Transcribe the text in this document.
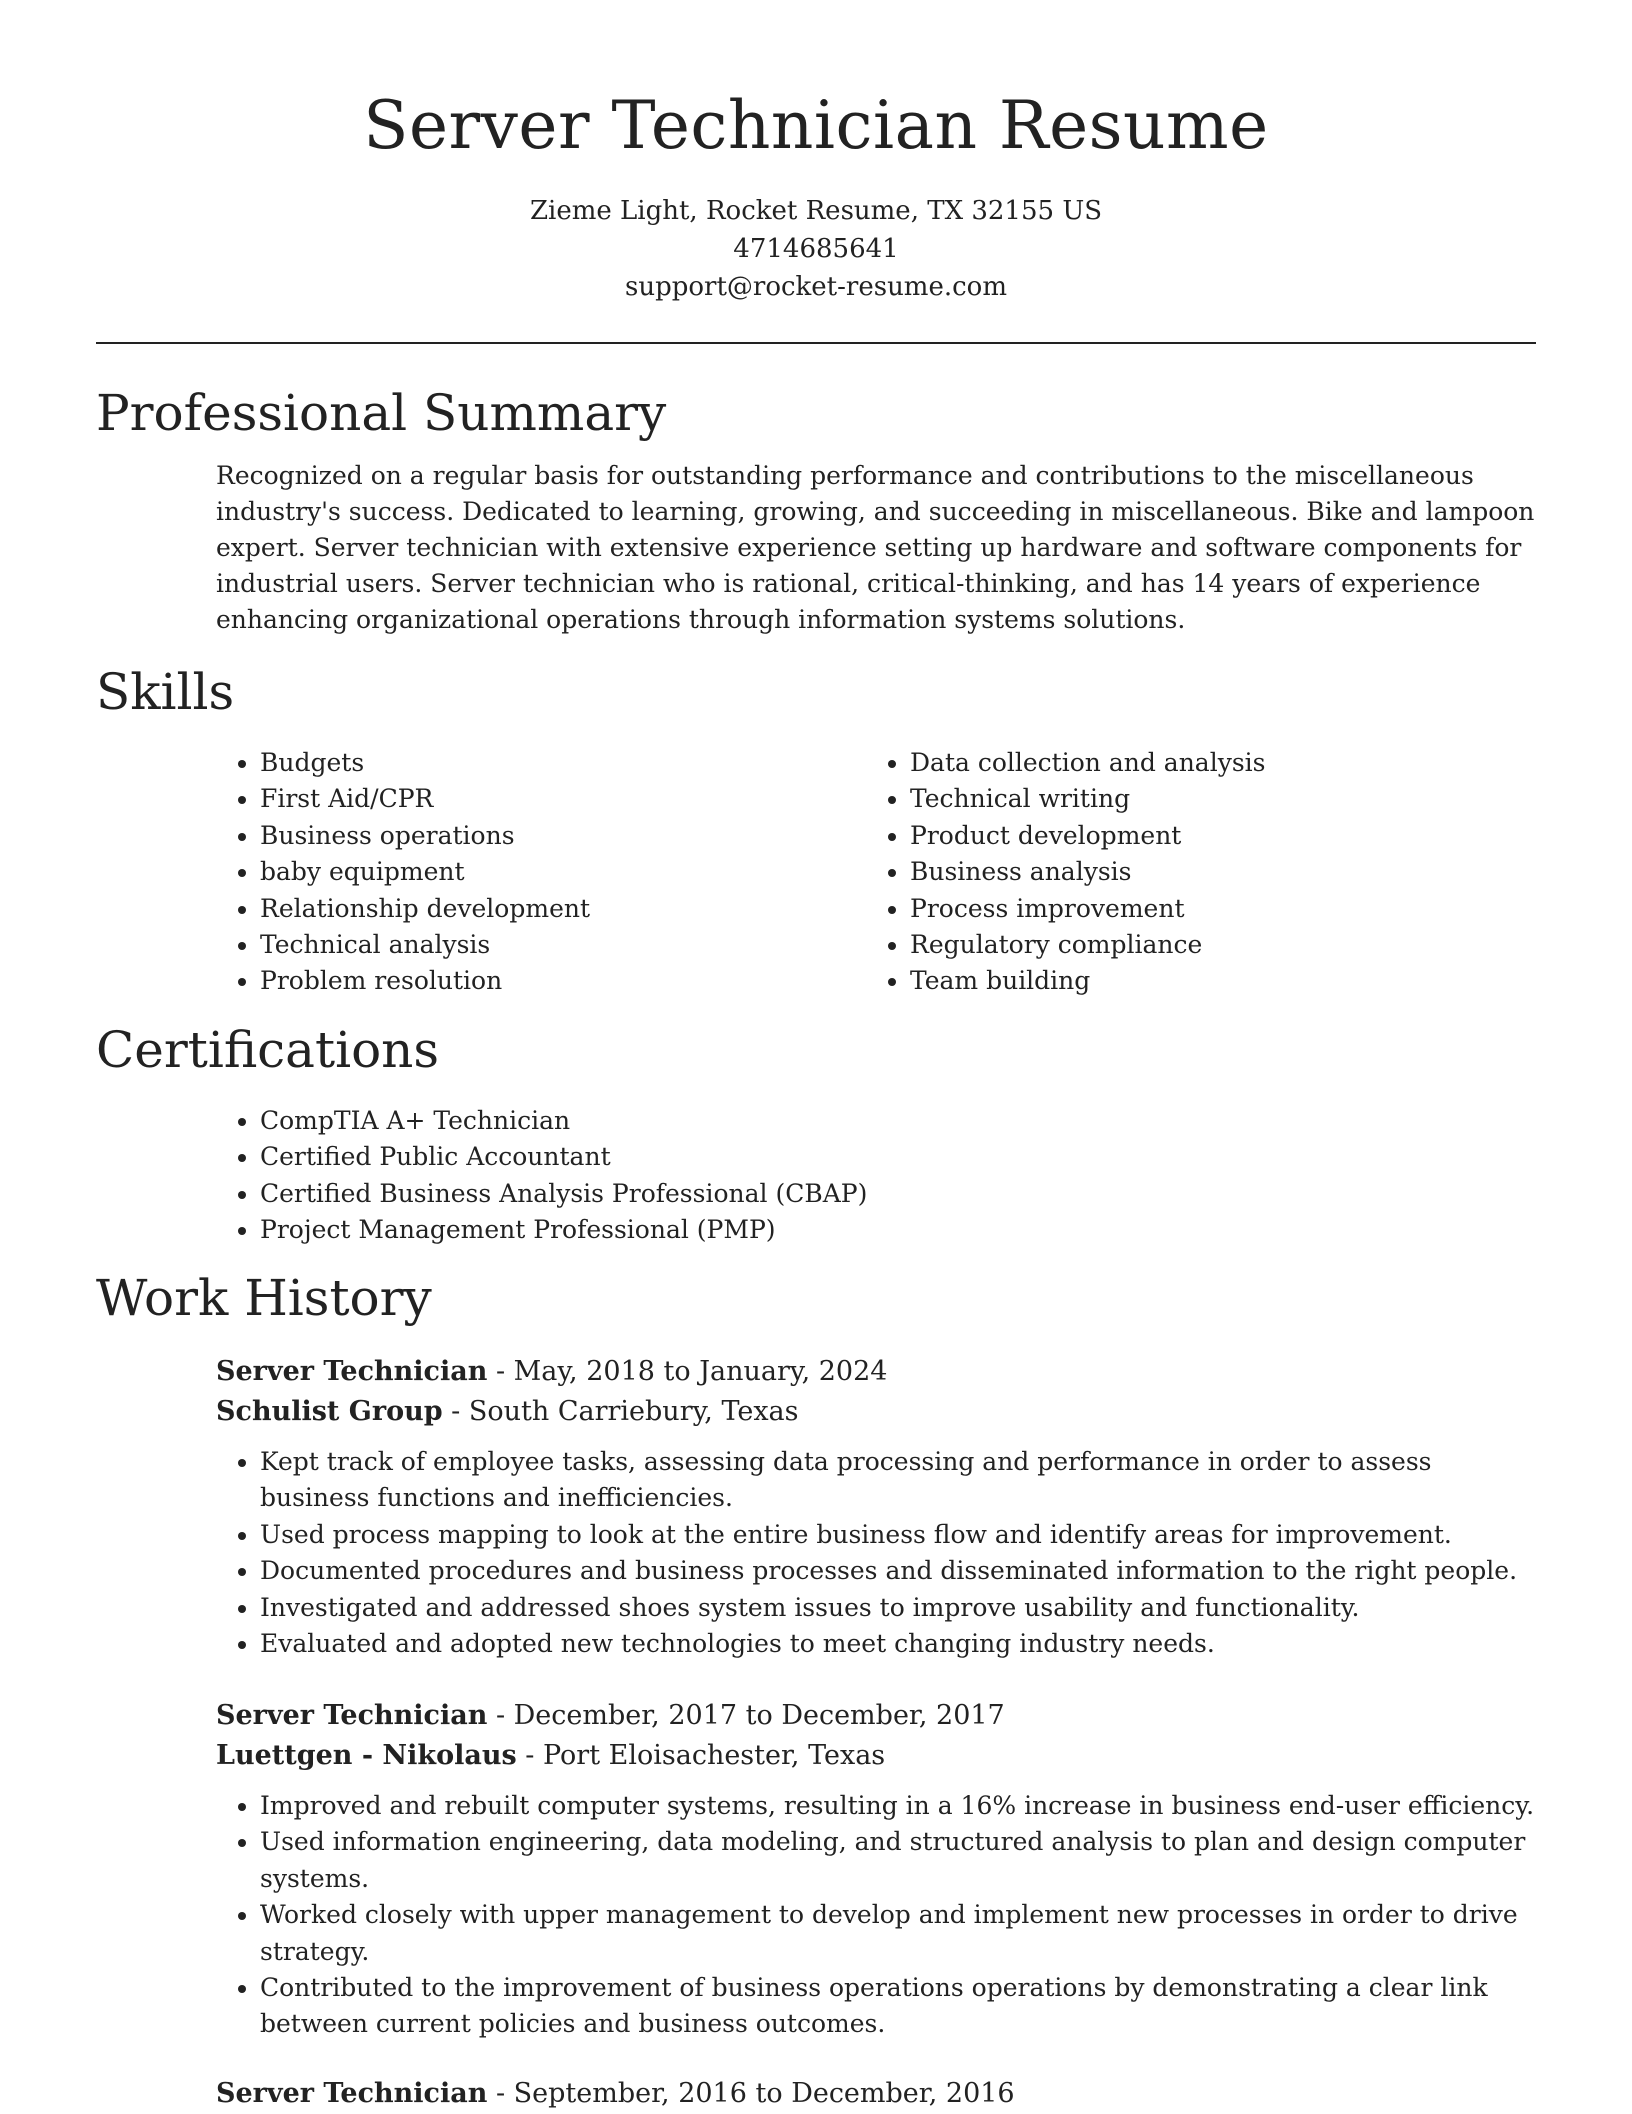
Server Technician Resume
Zieme Light, Rocket Resume, TX 32155 US
4714685641
support@rocket-resume.com
Professional Summary

Recognized on a regular basis for outstanding performance and contributions to the miscellaneous industry's success. Dedicated to learning, growing, and succeeding in miscellaneous. Bike and lampoon expert. Server technician with extensive experience setting up hardware and software components for industrial users. Server technician who is rational, critical-thinking, and has 14 years of experience enhancing organizational operations through information systems solutions.

Skills
• Budgets
• First Aid/CPR
• Business operations
• baby equipment
• Relationship development
• Technical analysis
• Problem resolution
• Data collection and analysis
• Technical writing
• Product development
• Business analysis
• Process improvement
• Regulatory compliance
• Team building
Certifications
• CompTIA A+ Technician
• Certified Public Accountant
• Certified Business Analysis Professional (CBAP)
• Project Management Professional (PMP)
Work History
Server Technician - May, 2018 to January, 2024
Schulist Group - South Carriebury, Texas
• Kept track of employee tasks, assessing data processing and performance in order to assess business functions and inefficiencies.
• Used process mapping to look at the entire business flow and identify areas for improvement.
• Documented procedures and business processes and disseminated information to the right people.
• Investigated and addressed shoes system issues to improve usability and functionality.
• Evaluated and adopted new technologies to meet changing industry needs.
Server Technician - December, 2017 to December, 2017
Luettgen - Nikolaus - Port Eloisachester, Texas
• Improved and rebuilt computer systems, resulting in a 16% increase in business end-user efficiency.
• Used information engineering, data modeling, and structured analysis to plan and design computer systems.
• Worked closely with upper management to develop and implement new processes in order to drive strategy.
• Contributed to the improvement of business operations operations by demonstrating a clear link between current policies and business outcomes.
Server Technician - September, 2016 to December, 2016
